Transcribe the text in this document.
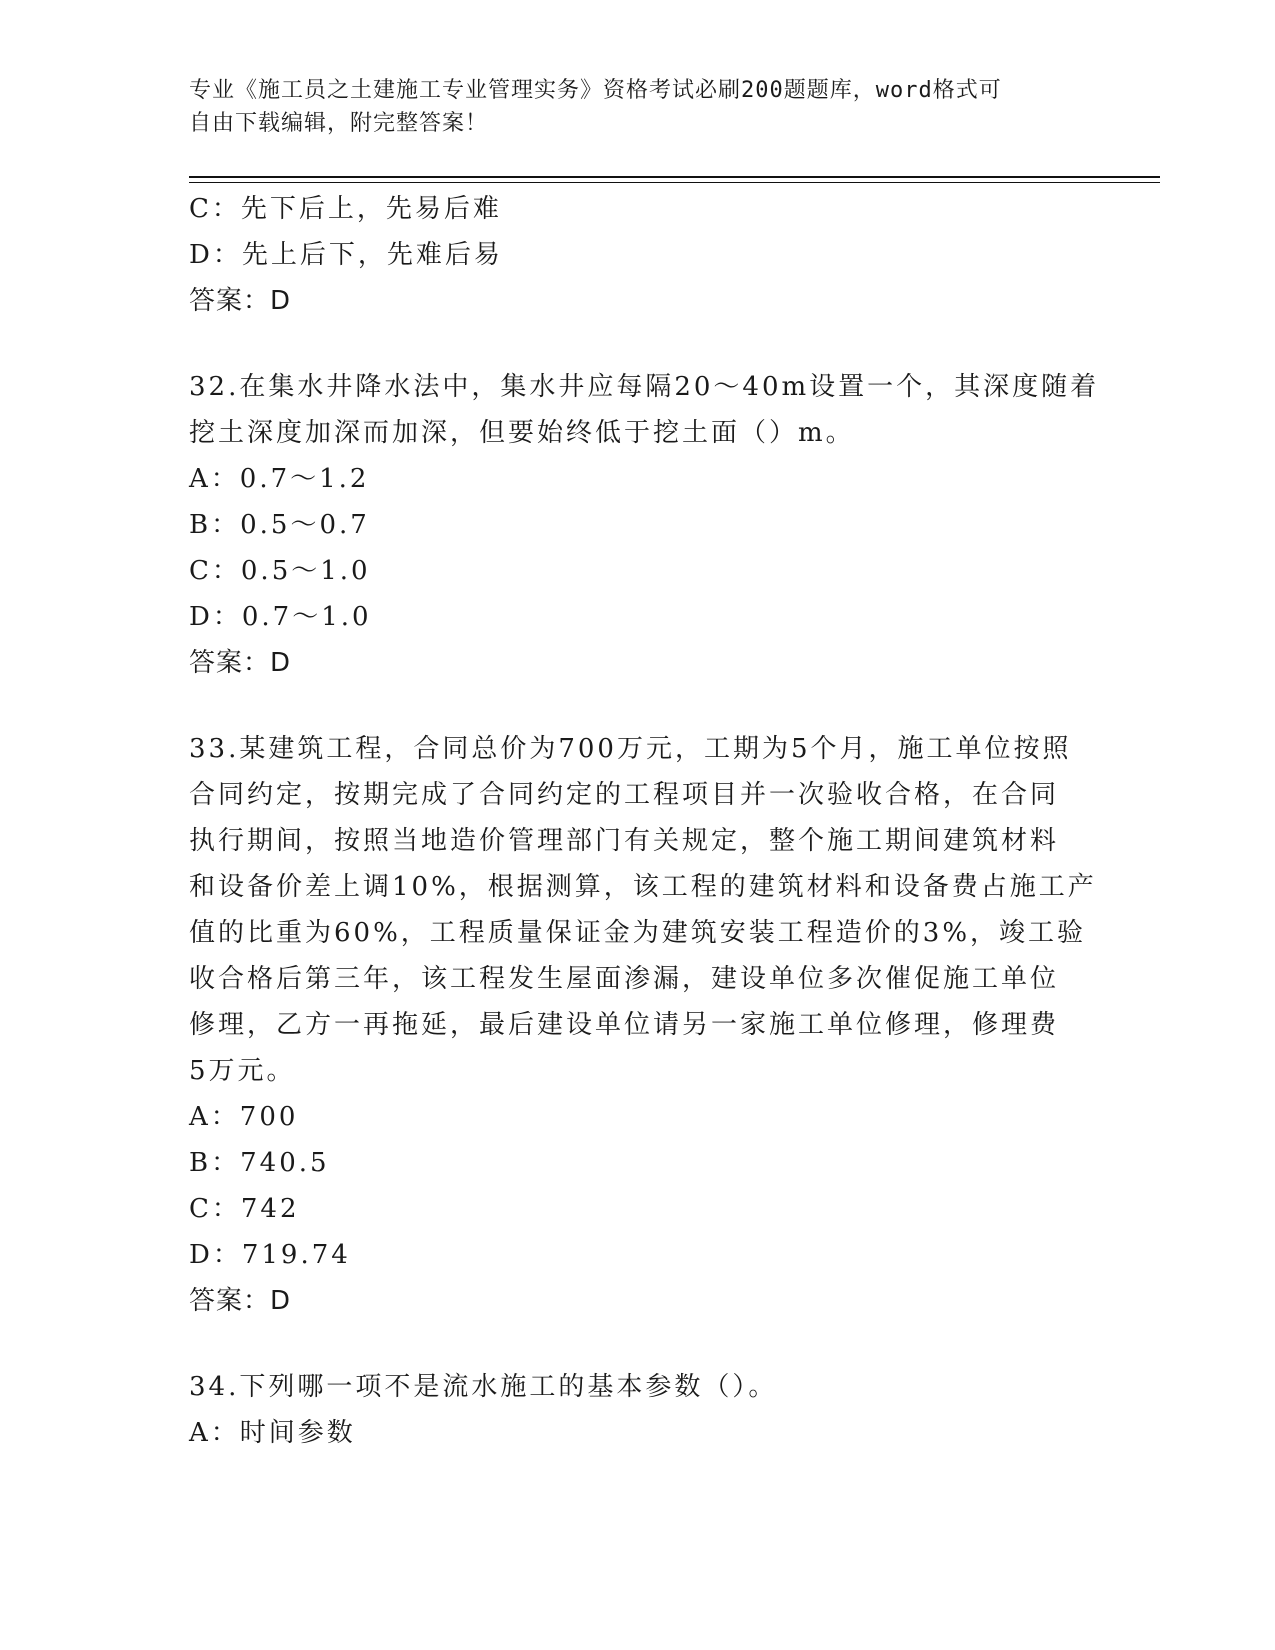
专业《施工员之土建施工专业管理实务》资格考试必刷200题题库，word格式可
自由下载编辑，附完整答案！
C：先下后上，先易后难
D：先上后下，先难后易
答案：D
32.在集水井降水法中，集水井应每隔20～40m设置一个，其深度随着
挖土深度加深而加深，但要始终低于挖土面（）m。
A：0.7～1.2
B：0.5～0.7
C：0.5～1.0
D：0.7～1.0
答案：D
33.某建筑工程，合同总价为700万元，工期为5个月，施工单位按照
合同约定，按期完成了合同约定的工程项目并一次验收合格，在合同
执行期间，按照当地造价管理部门有关规定，整个施工期间建筑材料
和设备价差上调10%，根据测算，该工程的建筑材料和设备费占施工产
值的比重为60%，工程质量保证金为建筑安装工程造价的3%，竣工验
收合格后第三年，该工程发生屋面渗漏，建设单位多次催促施工单位
修理，乙方一再拖延，最后建设单位请另一家施工单位修理，修理费
5万元。
A：700
B：740.5
C：742
D：719.74
答案：D
34.下列哪一项不是流水施工的基本参数（）。
A：时间参数
